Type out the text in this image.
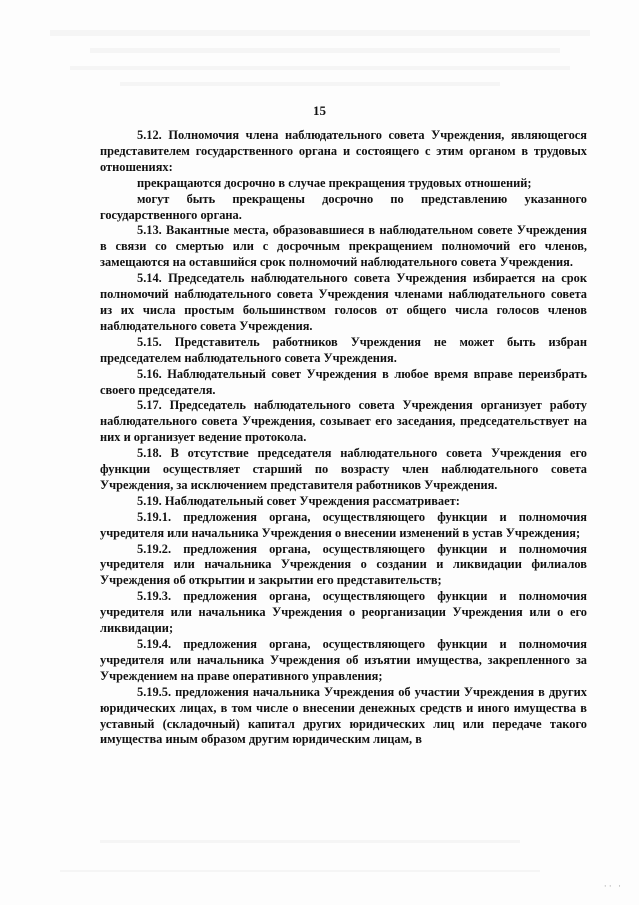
15

5.12. Полномочия члена наблюдательного совета Учреждения, являющегося представителем государственного органа и состоящего с этим органом в трудовых отношениях:

прекращаются досрочно в случае прекращения трудовых отношений;

могут быть прекращены досрочно по представлению указанного государственного органа.

5.13. Вакантные места, образовавшиеся в наблюдательном совете Учреждения в связи со смертью или с досрочным прекращением полномочий его членов, замещаются на оставшийся срок полномочий наблюдательного совета Учреждения.

5.14. Председатель наблюдательного совета Учреждения избирается на срок полномочий наблюдательного совета Учреждения членами наблюдательного совета из их числа простым большинством голосов от общего числа голосов членов наблюдательного совета Учреждения.

5.15. Представитель работников Учреждения не может быть избран председателем наблюдательного совета Учреждения.

5.16. Наблюдательный совет Учреждения в любое время вправе переизбрать своего председателя.

5.17. Председатель наблюдательного совета Учреждения организует работу наблюдательного совета Учреждения, созывает его заседания, председательствует на них и организует ведение протокола.

5.18. В отсутствие председателя наблюдательного совета Учреждения его функции осуществляет старший по возрасту член наблюдательного совета Учреждения, за исключением представителя работников Учреждения.

5.19. Наблюдательный совет Учреждения рассматривает:

5.19.1. предложения органа, осуществляющего функции и полномочия учредителя или начальника Учреждения о внесении изменений в устав Учреждения;

5.19.2. предложения органа, осуществляющего функции и полномочия учредителя или начальника Учреждения о создании и ликвидации филиалов Учреждения об открытии и закрытии его представительств;

5.19.3. предложения органа, осуществляющего функции и полномочия учредителя или начальника Учреждения о реорганизации Учреждения или о его ликвидации;

5.19.4. предложения органа, осуществляющего функции и полномочия учредителя или начальника Учреждения об изъятии имущества, закрепленного за Учреждением на праве оперативного управления;

5.19.5. предложения начальника Учреждения об участии Учреждения в других юридических лицах, в том числе о внесении денежных средств и иного имущества в уставный (складочный) капитал других юридических лиц или передаче такого имущества иным образом другим юридическим лицам, в

·· ·
